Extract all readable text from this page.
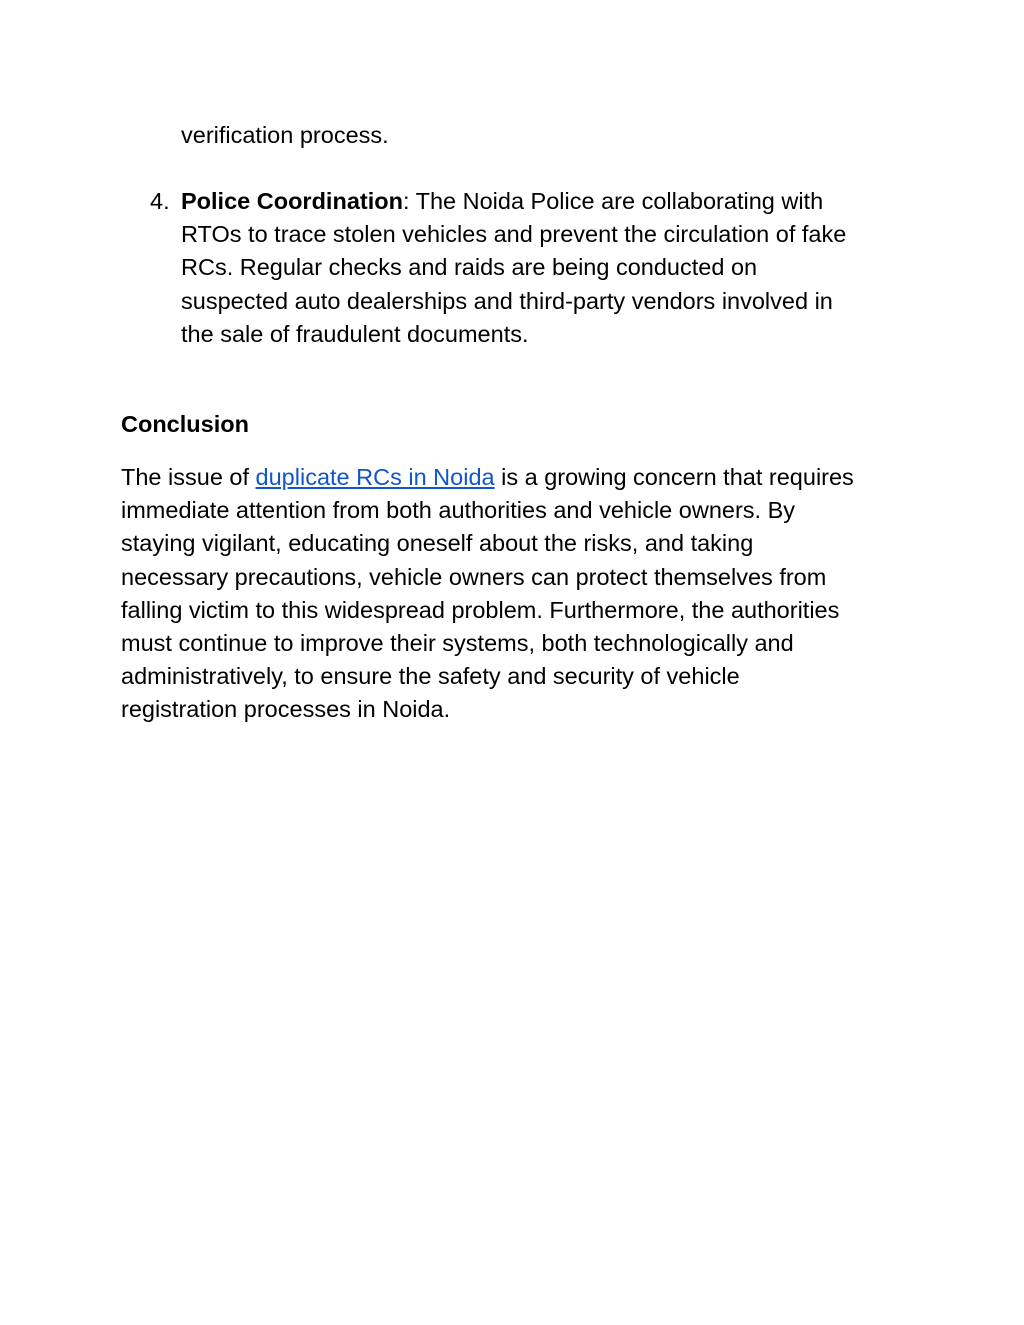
verification process.

4. Police Coordination: The Noida Police are collaborating with
RTOs to trace stolen vehicles and prevent the circulation of fake
RCs. Regular checks and raids are being conducted on
suspected auto dealerships and third-party vendors involved in
the sale of fraudulent documents.
Conclusion
The issue of duplicate RCs in Noida is a growing concern that requires
immediate attention from both authorities and vehicle owners. By
staying vigilant, educating oneself about the risks, and taking
necessary precautions, vehicle owners can protect themselves from
falling victim to this widespread problem. Furthermore, the authorities
must continue to improve their systems, both technologically and
administratively, to ensure the safety and security of vehicle
registration processes in Noida.
